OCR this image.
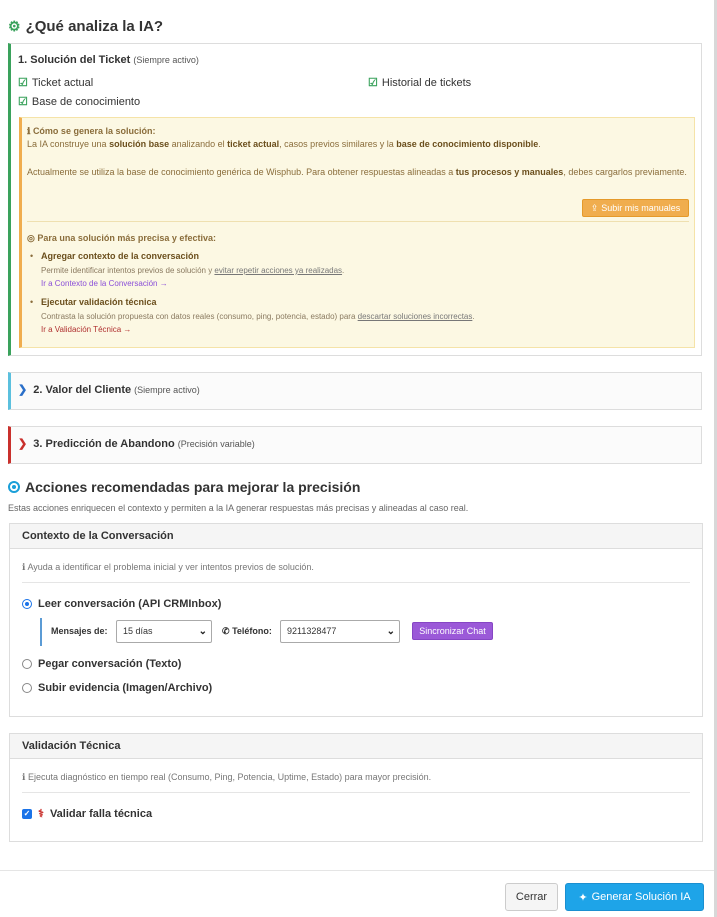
⚙ ¿Qué analiza la IA?
1. Solución del Ticket (Siempre activo)
☑ Ticket actual	☑ Historial de tickets
☑ Base de conocimiento
ℹ Cómo se genera la solución:
La IA construye una solución base analizando el ticket actual, casos previos similares y la base de conocimiento disponible.
Actualmente se utiliza la base de conocimiento genérica de Wisphub. Para obtener respuestas alineadas a tus procesos y manuales, debes cargarlos previamente.
⇪ Subir mis manuales
◎ Para una solución más precisa y efectiva:
• Agregar contexto de la conversación
Permite identificar intentos previos de solución y evitar repetir acciones ya realizadas.
Ir a Contexto de la Conversación →
• Ejecutar validación técnica
Contrasta la solución propuesta con datos reales (consumo, ping, potencia, estado) para descartar soluciones incorrectas.
Ir a Validación Técnica →
❯ 2. Valor del Cliente (Siempre activo)
❯ 3. Predicción de Abandono (Precisión variable)
Acciones recomendadas para mejorar la precisión
Estas acciones enriquecen el contexto y permiten a la IA generar respuestas más precisas y alineadas al caso real.
Contexto de la Conversación
ℹ Ayuda a identificar el problema inicial y ver intentos previos de solución.
Leer conversación (API CRMInbox)
Mensajes de:	15 días	⌄ ✆ Teléfono:	9211328477	⌄	Sincronizar Chat
Pegar conversación (Texto)
Subir evidencia (Imagen/Archivo)
Validación Técnica
ℹ Ejecuta diagnóstico en tiempo real (Consumo, Ping, Potencia, Uptime, Estado) para mayor precisión.
✓ ⚕ Validar falla técnica
Cerrar	✦ Generar Solución IA
